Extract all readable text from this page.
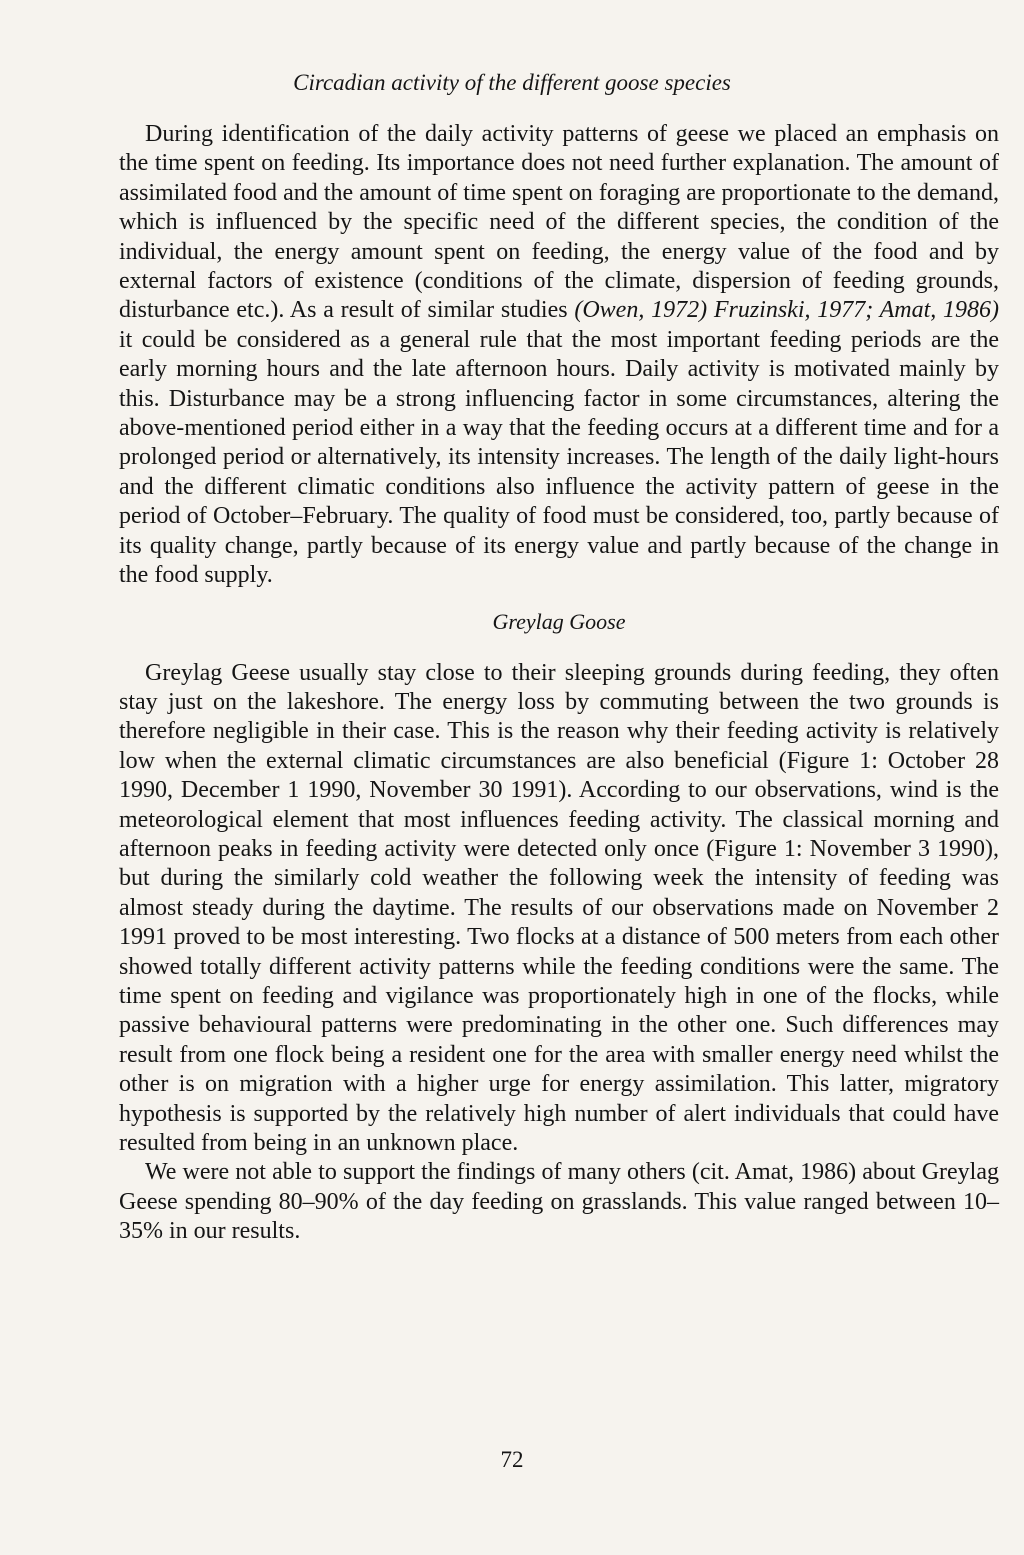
Circadian activity of the different goose species

During identification of the daily activity patterns of geese we placed an emphasis on the time spent on feeding. Its importance does not need further explanation. The amount of assimilated food and the amount of time spent on foraging are proportionate to the demand, which is influenced by the specific need of the different species, the condition of the individual, the energy amount spent on feeding, the energy value of the food and by external factors of existence (conditions of the climate, dispersion of feeding grounds, disturbance etc.). As a result of similar studies (Owen, 1972) Fruzinski, 1977; Amat, 1986) it could be considered as a general rule that the most important feeding periods are the early morning hours and the late afternoon hours. Daily activity is motivated mainly by this. Disturbance may be a strong influencing factor in some circumstances, altering the above-mentioned period either in a way that the feeding occurs at a different time and for a prolonged period or alternatively, its intensity increases. The length of the daily light-hours and the different climatic conditions also influence the activity pattern of geese in the period of October–February. The quality of food must be considered, too, partly because of its quality change, partly because of its energy value and partly because of the change in the food supply.

Greylag Goose

Greylag Geese usually stay close to their sleeping grounds during feeding, they often stay just on the lakeshore. The energy loss by commuting between the two grounds is therefore negligible in their case. This is the reason why their feeding activity is relatively low when the external climatic circumstances are also beneficial (Figure 1: October 28 1990, December 1 1990, November 30 1991). According to our observations, wind is the meteorological element that most influences feeding activity. The classical morning and afternoon peaks in feeding activity were detected only once (Figure 1: November 3 1990), but during the similarly cold weather the following week the intensity of feeding was almost steady during the daytime. The results of our observations made on November 2 1991 proved to be most interesting. Two flocks at a distance of 500 meters from each other showed totally different activity patterns while the feeding conditions were the same. The time spent on feeding and vigilance was proportionately high in one of the flocks, while passive behavioural patterns were predominating in the other one. Such differences may result from one flock being a resident one for the area with smaller energy need whilst the other is on migration with a higher urge for energy assimilation. This latter, migratory hypothesis is supported by the relatively high number of alert individuals that could have resulted from being in an unknown place.

We were not able to support the findings of many others (cit. Amat, 1986) about Greylag Geese spending 80–90% of the day feeding on grasslands. This value ranged between 10–35% in our results.

72
